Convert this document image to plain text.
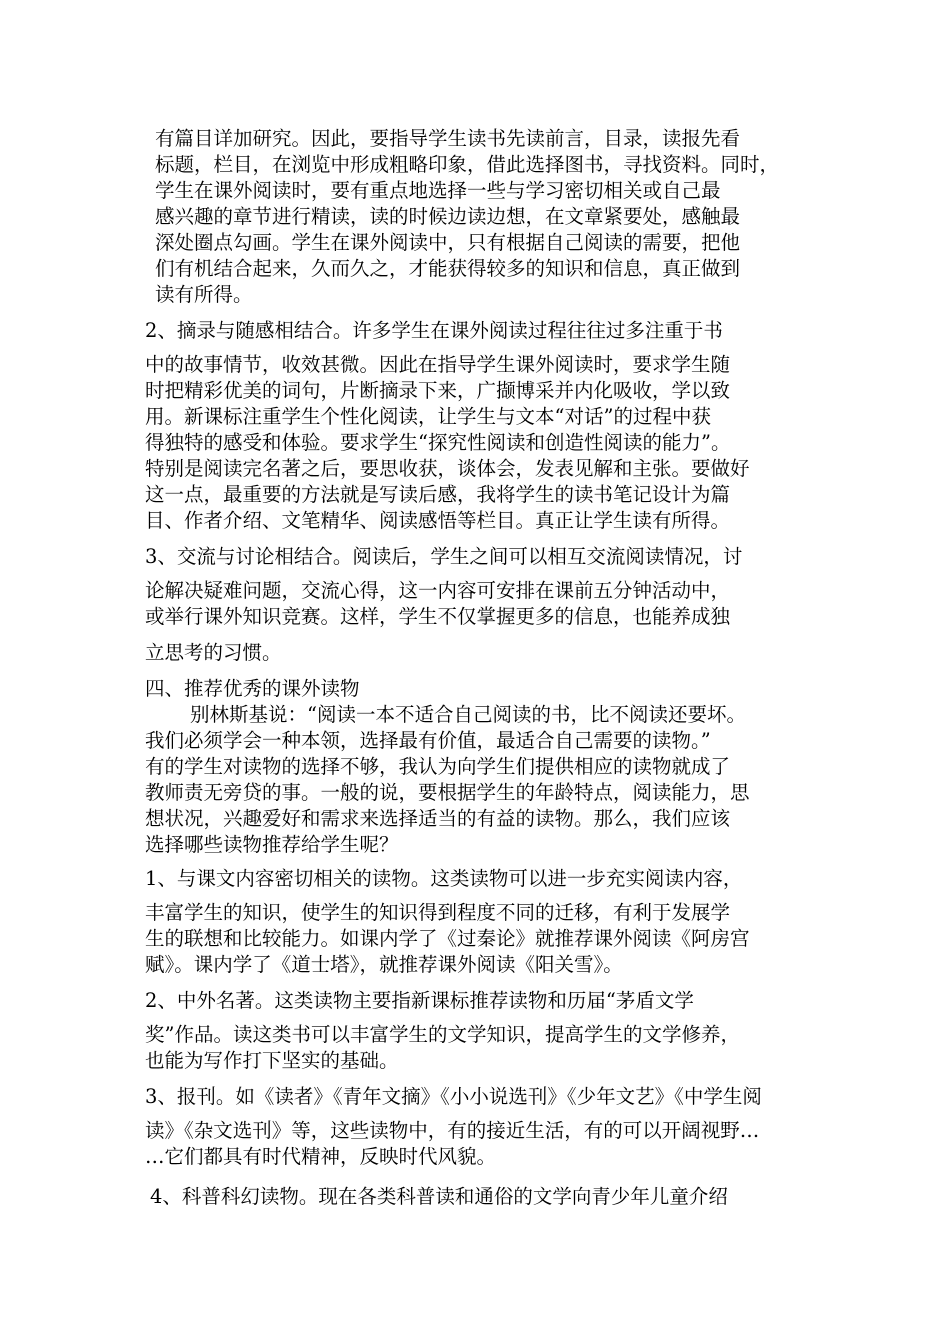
有篇目详加研究。因此，要指导学生读书先读前言，目录，读报先看
标题，栏目，在浏览中形成粗略印象，借此选择图书，寻找资料。同时，
学生在课外阅读时，要有重点地选择一些与学习密切相关或自己最
感兴趣的章节进行精读，读的时候边读边想，在文章紧要处，感触最
深处圈点勾画。学生在课外阅读中，只有根据自己阅读的需要，把他
们有机结合起来，久而久之，才能获得较多的知识和信息，真正做到
读有所得。
2、摘录与随感相结合。许多学生在课外阅读过程往往过多注重于书
中的故事情节，收效甚微。因此在指导学生课外阅读时，要求学生随
时把精彩优美的词句，片断摘录下来，广撷博采并内化吸收，学以致
用。新课标注重学生个性化阅读，让学生与文本“对话”的过程中获
得独特的感受和体验。要求学生“探究性阅读和创造性阅读的能力”。
特别是阅读完名著之后，要思收获，谈体会，发表见解和主张。要做好
这一点，最重要的方法就是写读后感，我将学生的读书笔记设计为篇
目、作者介绍、文笔精华、阅读感悟等栏目。真正让学生读有所得。
3、交流与讨论相结合。阅读后，学生之间可以相互交流阅读情况，讨
论解决疑难问题，交流心得，这一内容可安排在课前五分钟活动中，
或举行课外知识竞赛。这样，学生不仅掌握更多的信息，也能养成独
立思考的习惯。
四、推荐优秀的课外读物
别林斯基说：“阅读一本不适合自己阅读的书，比不阅读还要坏。
我们必须学会一种本领，选择最有价值，最适合自己需要的读物。”
有的学生对读物的选择不够，我认为向学生们提供相应的读物就成了
教师责无旁贷的事。一般的说，要根据学生的年龄特点，阅读能力，思
想状况，兴趣爱好和需求来选择适当的有益的读物。那么，我们应该
选择哪些读物推荐给学生呢？
1、与课文内容密切相关的读物。这类读物可以进一步充实阅读内容，
丰富学生的知识，使学生的知识得到程度不同的迁移，有利于发展学
生的联想和比较能力。如课内学了《过秦论》就推荐课外阅读《阿房宫
赋》。课内学了《道士塔》，就推荐课外阅读《阳关雪》。
2、中外名著。这类读物主要指新课标推荐读物和历届“茅盾文学
奖”作品。读这类书可以丰富学生的文学知识，提高学生的文学修养，
也能为写作打下坚实的基础。
3、报刊。如《读者》《青年文摘》《小小说选刊》《少年文艺》《中学生阅
读》《杂文选刊》等，这些读物中，有的接近生活，有的可以开阔视野…
…它们都具有时代精神，反映时代风貌。
4、科普科幻读物。现在各类科普读和通俗的文学向青少年儿童介绍
